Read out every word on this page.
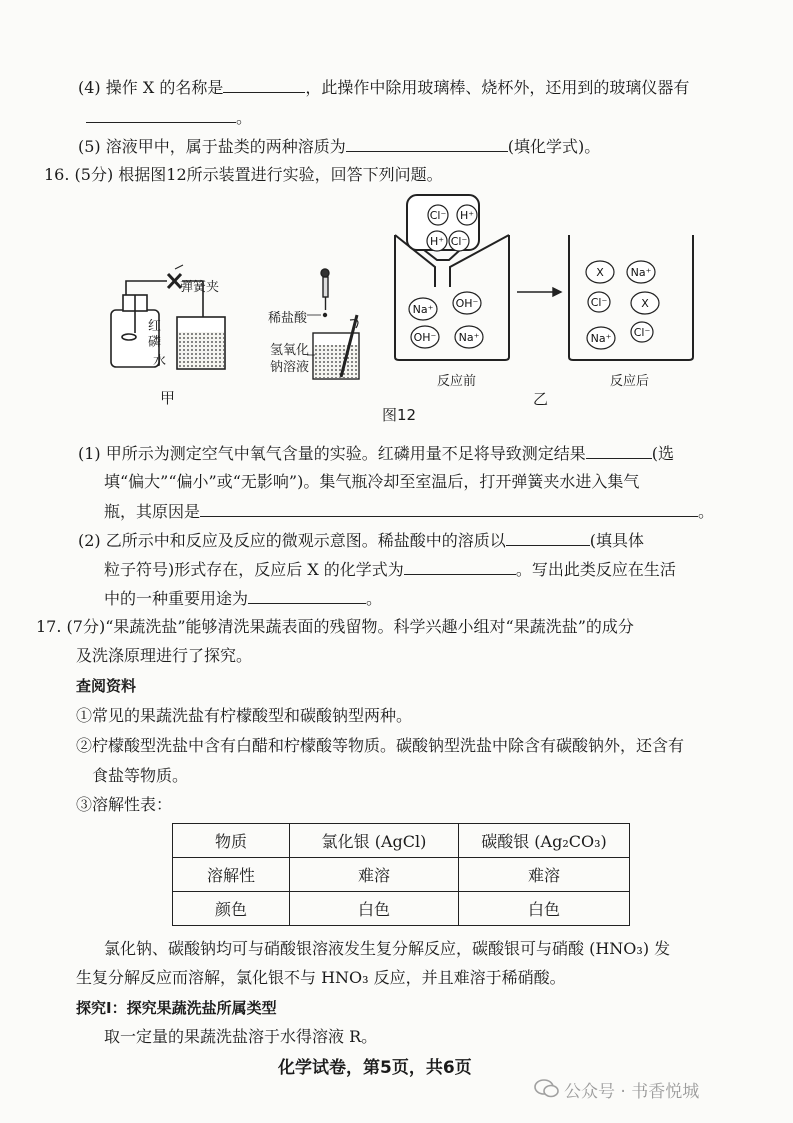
(4) 操作 X 的名称是	，此操作中除用玻璃棒、烧杯外，还用到的玻璃仪器有
。
(5) 溶液甲中，属于盐类的两种溶质为	(填化学式)。
16. (5分) 根据图12所示装置进行实验，回答下列问题。
Cl⁻ H⁺
H⁺ Cl⁻
Na⁺ OH⁻
OH⁻ Na⁺
X Na⁺
Cl⁻	X
Na⁺ Cl⁻
弹簧夹
红
磷
水
稀盐酸
氢氧化
钠溶液
反应前	反应后
甲	乙
图12
(1) 甲所示为测定空气中氧气含量的实验。红磷用量不足将导致测定结果	(选
填“偏大”“偏小”或“无影响”)。集气瓶冷却至室温后，打开弹簧夹水进入集气
瓶，其原因是	。
(2) 乙所示中和反应及反应的微观示意图。稀盐酸中的溶质以	(填具体
粒子符号)形式存在，反应后 X 的化学式为	。写出此类反应在生活
中的一种重要用途为	。
17. (7分)“果蔬洗盐”能够清洗果蔬表面的残留物。科学兴趣小组对“果蔬洗盐”的成分
及洗涤原理进行了探究。
查阅资料
①常见的果蔬洗盐有柠檬酸型和碳酸钠型两种。
②柠檬酸型洗盐中含有白醋和柠檬酸等物质。碳酸钠型洗盐中除含有碳酸钠外，还含有
食盐等物质。
③溶解性表：
物质	氯化银 (AgCl)	碳酸银 (Ag₂CO₃)
溶解性	难溶	难溶
颜色	白色	白色
氯化钠、碳酸钠均可与硝酸银溶液发生复分解反应，碳酸银可与硝酸 (HNO₃) 发
生复分解反应而溶解，氯化银不与 HNO₃ 反应，并且难溶于稀硝酸。
探究Ⅰ：探究果蔬洗盐所属类型
取一定量的果蔬洗盐溶于水得溶液 R。
化学试卷，第5页，共6页
公众号 · 书香悦城
